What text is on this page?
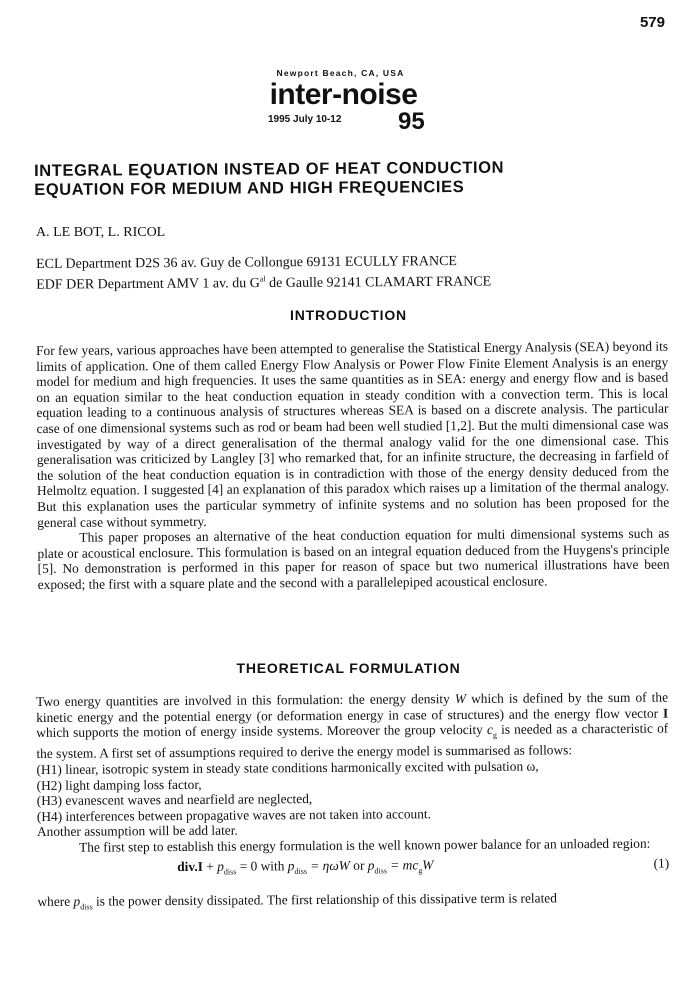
579
Newport Beach, CA, USA
inter-noise
1995 July 10-12 95
INTEGRAL EQUATION INSTEAD OF HEAT CONDUCTION
EQUATION FOR MEDIUM AND HIGH FREQUENCIES
A. LE BOT, L. RICOL
ECL Department D2S 36 av. Guy de Collongue 69131 ECULLY FRANCE
EDF DER Department AMV 1 av. du $G^{al}$ de Gaulle 92141 CLAMART FRANCE
INTRODUCTION

For few years, various approaches have been attempted to generalise the Statistical Energy Analysis (SEA) beyond its limits of application. One of them called Energy Flow Analysis or Power Flow Finite Element Analysis is an energy model for medium and high frequencies. It uses the same quantities as in SEA: energy and energy flow and is based on an equation similar to the heat conduction equation in steady condition with a convection term. This is local equation leading to a continuous analysis of structures whereas SEA is based on a discrete analysis. The particular case of one dimensional systems such as rod or beam had been well studied [1,2]. But the multi dimensional case was investigated by way of a direct generalisation of the thermal analogy valid for the one dimensional case. This generalisation was criticized by Langley [3] who remarked that, for an infinite structure, the decreasing in farfield of the solution of the heat conduction equation is in contradiction with those of the energy density deduced from the Helmoltz equation. I suggested [4] an explanation of this paradox which raises up a limitation of the thermal analogy. But this explanation uses the particular symmetry of infinite systems and no solution has been proposed for the general case without symmetry.

This paper proposes an alternative of the heat conduction equation for multi dimensional systems such as plate or acoustical enclosure. This formulation is based on an integral equation deduced from the Huygens's principle [5]. No demonstration is performed in this paper for reason of space but two numerical illustrations have been exposed; the first with a square plate and the second with a parallelepiped acoustical enclosure.

THEORETICAL FORMULATION

Two energy quantities are involved in this formulation: the energy density W which is defined by the sum of the kinetic energy and the potential energy (or deformation energy in case of structures) and the energy flow vector I which supports the motion of energy inside systems. Moreover the group velocity $c_g$ is needed as a characteristic of the system. A first set of assumptions required to derive the energy model is summarised as follows:

(H1) linear, isotropic system in steady state conditions harmonically excited with pulsation ω,

(H2) light damping loss factor,

(H3) evanescent waves and nearfield are neglected,

(H4) interferences between propagative waves are not taken into account.

Another assumption will be add later.

The first step to establish this energy formulation is the well known power balance for an unloaded region:

$div.I + p_{diss} = 0$ with $p_{diss} = \eta\omega W$ or $p_{diss} = mc_gW$	(1)

where $p_{diss}$ is the power density dissipated. The first relationship of this dissipative term is related
